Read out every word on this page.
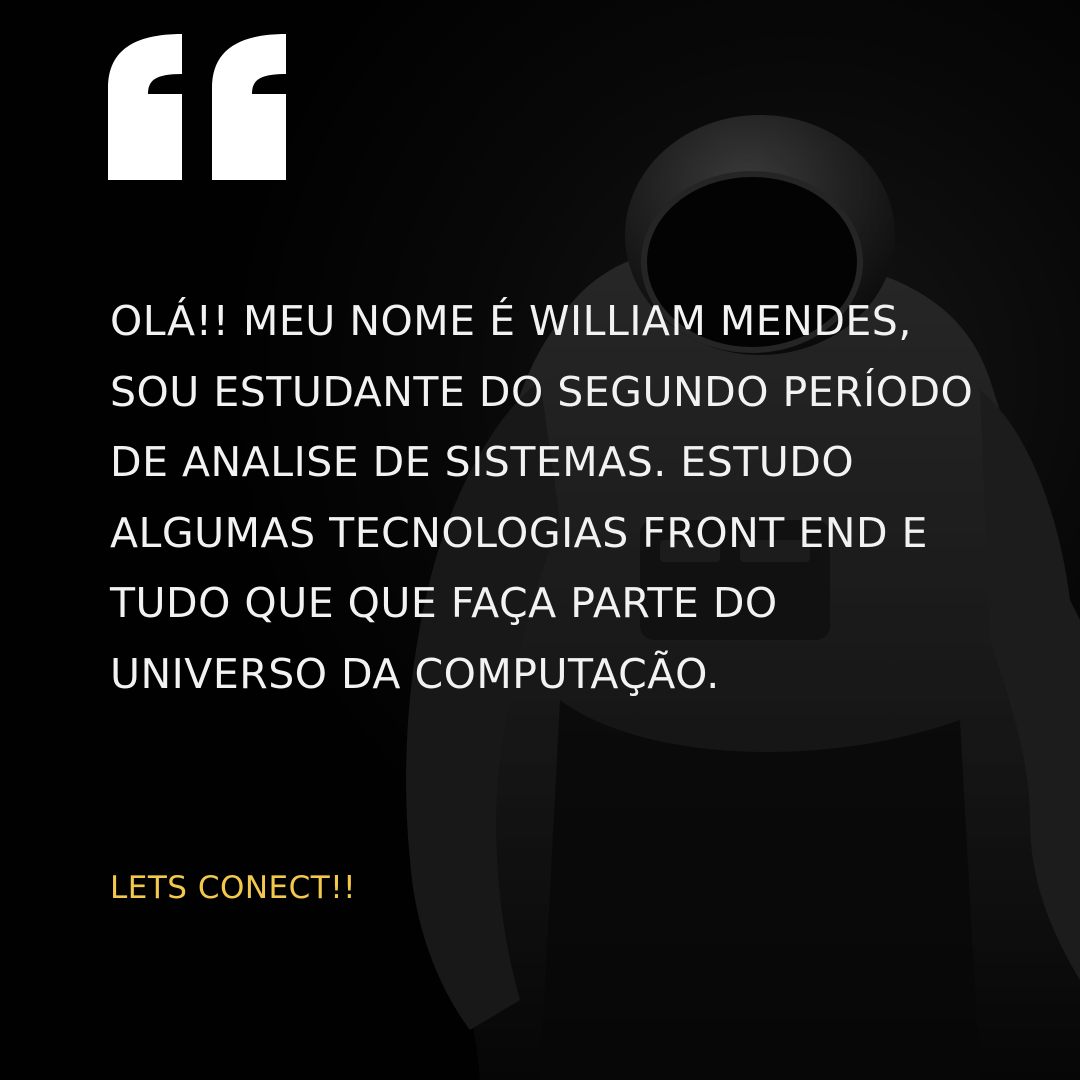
OLÁ!! MEU NOME É WILLIAM MENDES, SOU ESTUDANTE DO SEGUNDO PERÍODO DE ANALISE DE SISTEMAS. ESTUDO ALGUMAS TECNOLOGIAS FRONT END E TUDO QUE QUE FAÇA PARTE DO UNIVERSO DA COMPUTAÇÃO.

LETS CONECT!!
